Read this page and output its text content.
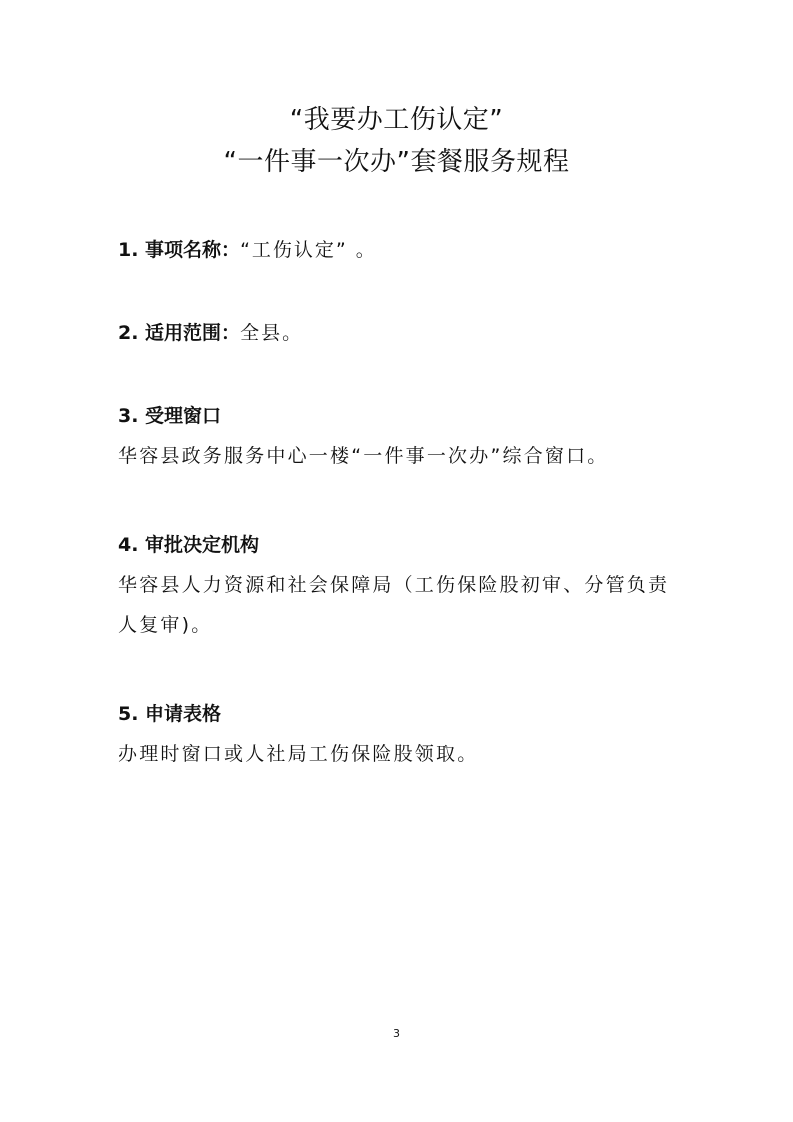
“我要办工伤认定”
“一件事一次办”套餐服务规程

1. 事项名称：“工伤认定” 。

2. 适用范围：全县。

3. 受理窗口

华容县政务服务中心一楼“一件事一次办”综合窗口。

4. 审批决定机构

华容县人力资源和社会保障局（工伤保险股初审、分管负责
人复审)。

5. 申请表格

办理时窗口或人社局工伤保险股领取。

3
